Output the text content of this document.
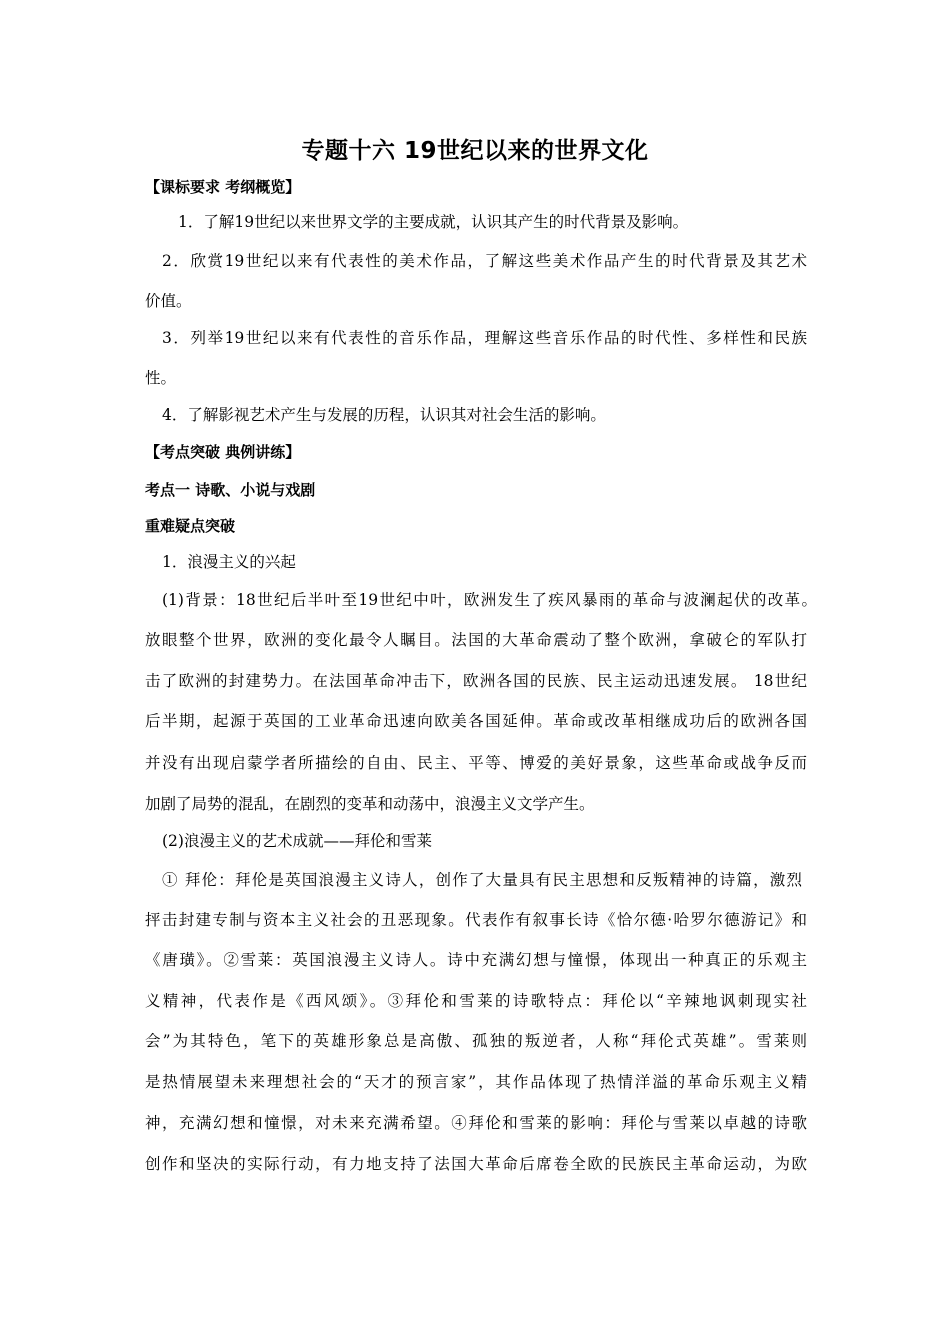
专题十六 19世纪以来的世界文化
【课标要求 考纲概览】
1．了解19世纪以来世界文学的主要成就，认识其产生的时代背景及影响。
2．欣赏19世纪以来有代表性的美术作品，了解这些美术作品产生的时代背景及其艺术
价值。
3．列举19世纪以来有代表性的音乐作品，理解这些音乐作品的时代性、多样性和民族
性。
4．了解影视艺术产生与发展的历程，认识其对社会生活的影响。
【考点突破 典例讲练】
考点一 诗歌、小说与戏剧
重难疑点突破
1．浪漫主义的兴起
(1)背景：18世纪后半叶至19世纪中叶，欧洲发生了疾风暴雨的革命与波澜起伏的改革。
放眼整个世界，欧洲的变化最令人瞩目。法国的大革命震动了整个欧洲，拿破仑的军队打
击了欧洲的封建势力。在法国革命冲击下，欧洲各国的民族、民主运动迅速发展。 18世纪
后半期，起源于英国的工业革命迅速向欧美各国延伸。革命或改革相继成功后的欧洲各国
并没有出现启蒙学者所描绘的自由、民主、平等、博爱的美好景象，这些革命或战争反而
加剧了局势的混乱，在剧烈的变革和动荡中，浪漫主义文学产生。
(2)浪漫主义的艺术成就——拜伦和雪莱
① 拜伦：拜伦是英国浪漫主义诗人，创作了大量具有民主思想和反叛精神的诗篇，激烈
抨击封建专制与资本主义社会的丑恶现象。代表作有叙事长诗《恰尔德·哈罗尔德游记》和
《唐璜》。②雪莱：英国浪漫主义诗人。诗中充满幻想与憧憬，体现出一种真正的乐观主
义精神，代表作是《西风颂》。③拜伦和雪莱的诗歌特点：拜伦以“辛辣地讽刺现实社
会”为其特色，笔下的英雄形象总是高傲、孤独的叛逆者，人称“拜伦式英雄”。雪莱则
是热情展望未来理想社会的“天才的预言家”，其作品体现了热情洋溢的革命乐观主义精
神，充满幻想和憧憬，对未来充满希望。④拜伦和雪莱的影响：拜伦与雪莱以卓越的诗歌
创作和坚决的实际行动，有力地支持了法国大革命后席卷全欧的民族民主革命运动，为欧
